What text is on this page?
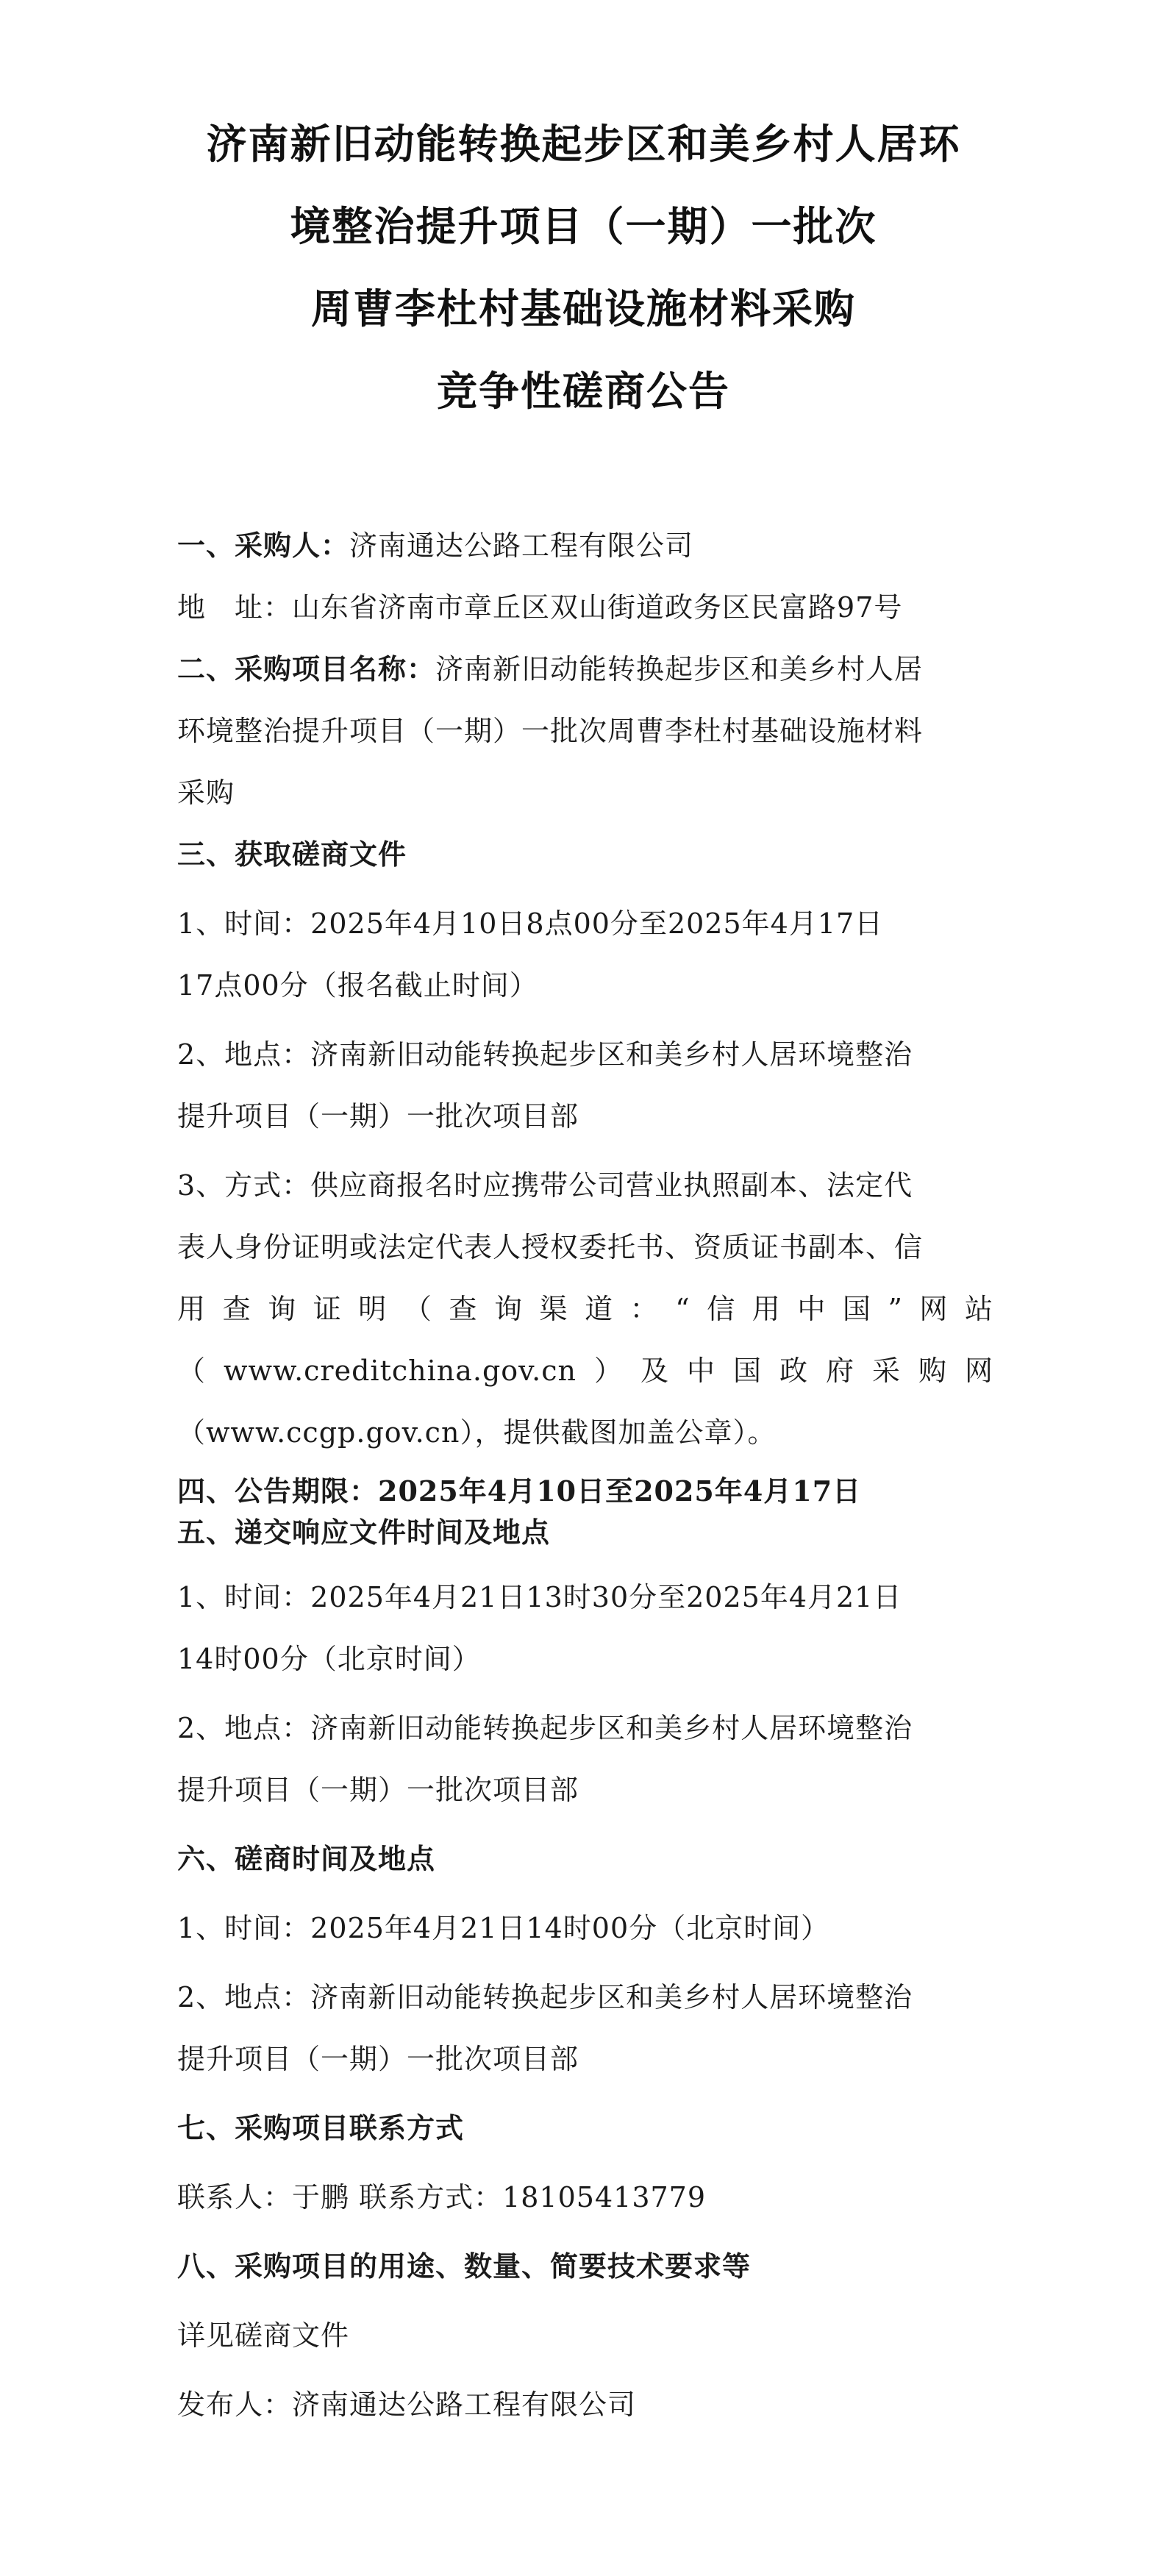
济南新旧动能转换起步区和美乡村人居环
境整治提升项目（一期）一批次
周曹李杜村基础设施材料采购
竞争性磋商公告
一、采购人：济南通达公路工程有限公司
地　址：山东省济南市章丘区双山街道政务区民富路97号
二、采购项目名称：济南新旧动能转换起步区和美乡村人居
环境整治提升项目（一期）一批次周曹李杜村基础设施材料
采购
三、获取磋商文件
1、时间：2025年4月10日8点00分至2025年4月17日
17点00分（报名截止时间）
2、地点：济南新旧动能转换起步区和美乡村人居环境整治
提升项目（一期）一批次项目部
3、方式：供应商报名时应携带公司营业执照副本、法定代
表人身份证明或法定代表人授权委托书、资质证书副本、信
用查询证明（查询渠道：“信用中国”网站
（www.creditchina.gov.cn）及中国政府采购网
（www.ccgp.gov.cn），提供截图加盖公章）。
四、公告期限：2025年4月10日至2025年4月17日
五、递交响应文件时间及地点
1、时间：2025年4月21日13时30分至2025年4月21日
14时00分（北京时间）
2、地点：济南新旧动能转换起步区和美乡村人居环境整治
提升项目（一期）一批次项目部
六、磋商时间及地点
1、时间：2025年4月21日14时00分（北京时间）
2、地点：济南新旧动能转换起步区和美乡村人居环境整治
提升项目（一期）一批次项目部
七、采购项目联系方式
联系人：于鹏 联系方式：18105413779
八、采购项目的用途、数量、简要技术要求等
详见磋商文件
发布人：济南通达公路工程有限公司
